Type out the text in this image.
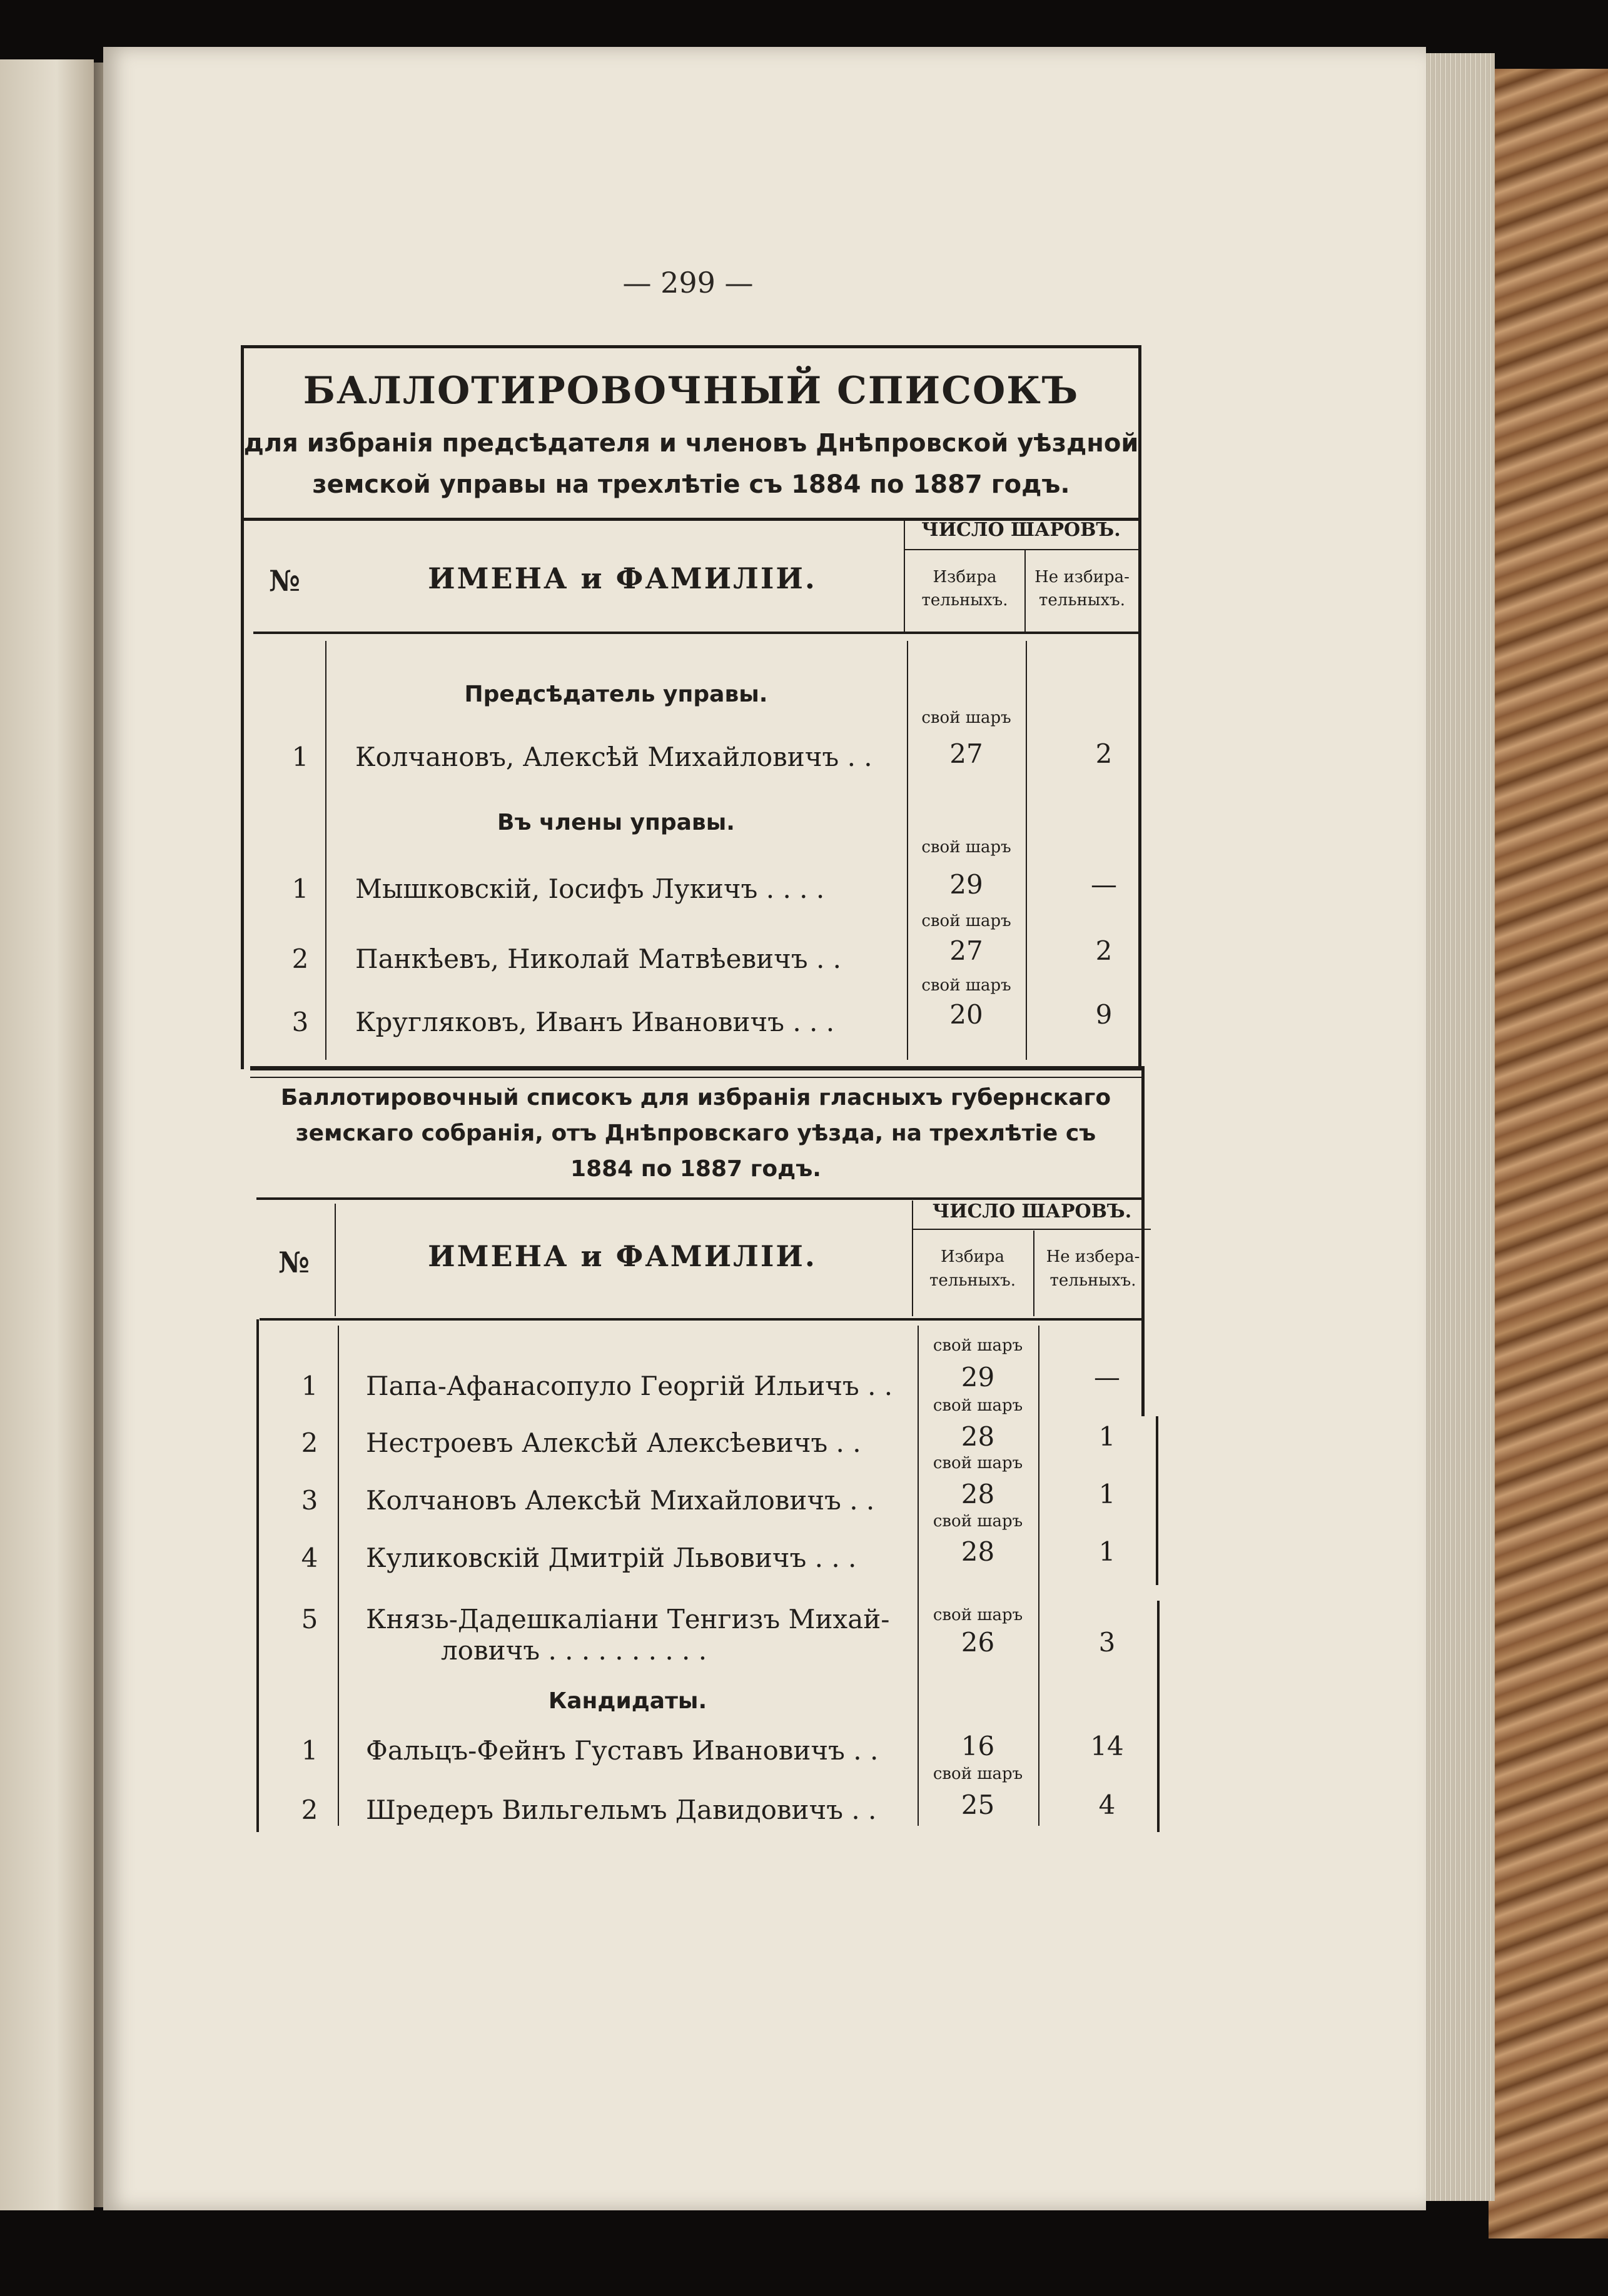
— 299 —
БАЛЛОТИРОВОЧНЫЙ СПИСОКЪ
для избранія предсѣдателя и членовъ Днѣпровской уѣздной
земской управы на трехлѣтіе съ 1884 по 1887 годъ.
№	ИМЕНА и ФАМИЛІИ.
ЧИСЛО ШАРОВЪ.
Избира
тельныхъ.
Не избира-
тельныхъ.
Предсѣдатель управы.
свой шаръ
1	Колчановъ, Алексѣй Михайловичъ . .	27	2
Въ члены управы.
свой шаръ
1	Мышковскій, Іосифъ Лукичъ . . . .	29	—
свой шаръ
2	Панкѣевъ, Николай Матвѣевичъ . .	27	2
свой шаръ
3	Кругляковъ, Иванъ Ивановичъ . . .	20	9
Баллотировочный списокъ для избранія гласныхъ губернскаго
земскаго собранія, отъ Днѣпровскаго уѣзда, на трехлѣтіе съ
1884 по 1887 годъ.
№	ИМЕНА и ФАМИЛІИ.
ЧИСЛО ШАРОВЪ.
Избира
тельныхъ.
Не избера-
тельныхъ.
свой шаръ
1	Папа-Афанасопуло Георгій Ильичъ . .	29	—
свой шаръ
2	Нестроевъ Алексѣй Алексѣевичъ . .	28	1
свой шаръ
3	Колчановъ Алексѣй Михайловичъ . .	28	1
свой шаръ
4	Куликовскій Дмитрій Львовичъ . . .	28	1
свой шаръ
5	Князь-Дадешкаліани Тенгизъ Михай-
ловичъ . . . . . . . . . .	26	3
Кандидаты.
1	Фальцъ-Фейнъ Густавъ Ивановичъ . .	16	14
свой шаръ
2	Шредеръ Вильгельмъ Давидовичъ . .	25	4
